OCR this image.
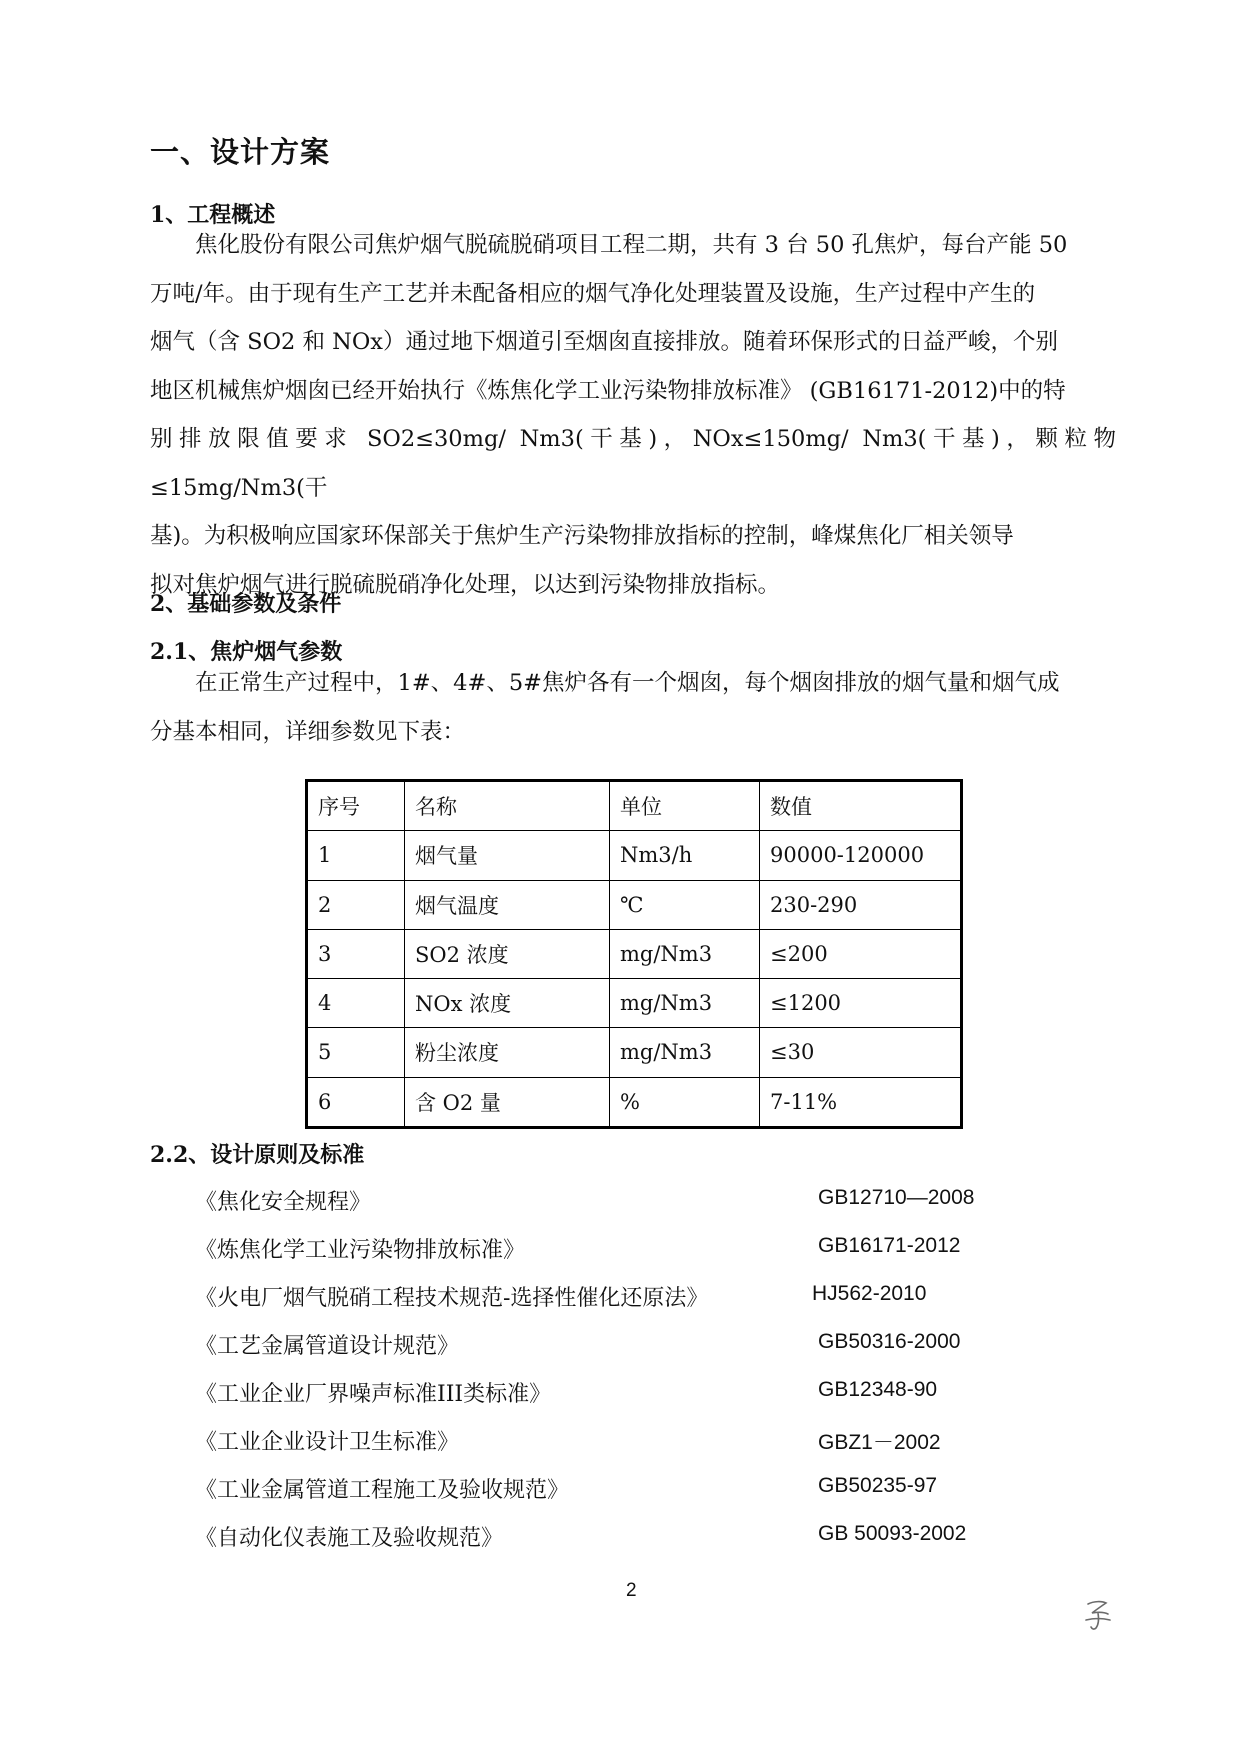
一、设计方案
1、工程概述
焦化股份有限公司焦炉烟气脱硫脱硝项目工程二期，共有 3 台 50 孔焦炉，每台产能 50
万吨/年。由于现有生产工艺并未配备相应的烟气净化处理装置及设施，生产过程中产生的
烟气（含 SO2 和 NOx）通过地下烟道引至烟囱直接排放。随着环保形式的日益严峻，个别
地区机械焦炉烟囱已经开始执行《炼焦化学工业污染物排放标准》 (GB16171-2012)中的特
别排放限值要求 SO2≤30mg/ Nm3(干基)，NOx≤150mg/ Nm3(干基)，颗粒物≤15mg/Nm3(干
基)。为积极响应国家环保部关于焦炉生产污染物排放指标的控制，峰煤焦化厂相关领导
拟对焦炉烟气进行脱硫脱硝净化处理，以达到污染物排放指标。
2、基础参数及条件
2.1、焦炉烟气参数
在正常生产过程中，1#、4#、5#焦炉各有一个烟囱，每个烟囱排放的烟气量和烟气成
分基本相同，详细参数见下表：
序号	名称	单位	数值
1	烟气量	Nm3/h	90000-120000
2	烟气温度	℃	230-290
3	SO2 浓度	mg/Nm3	≤200
4	NOx 浓度	mg/Nm3	≤1200
5	粉尘浓度	mg/Nm3	≤30
6	含 O2 量	%	7-11%
2.2、设计原则及标准
《焦化安全规程》	GB12710—2008
《炼焦化学工业污染物排放标准》	GB16171-2012
《火电厂烟气脱硝工程技术规范-选择性催化还原法》	HJ562-2010
《工艺金属管道设计规范》	GB50316-2000
《工业企业厂界噪声标准III类标准》	GB12348-90
《工业企业设计卫生标准》	GBZ1－2002
《工业金属管道工程施工及验收规范》	GB50235-97
《自动化仪表施工及验收规范》	GB 50093-2002
2
